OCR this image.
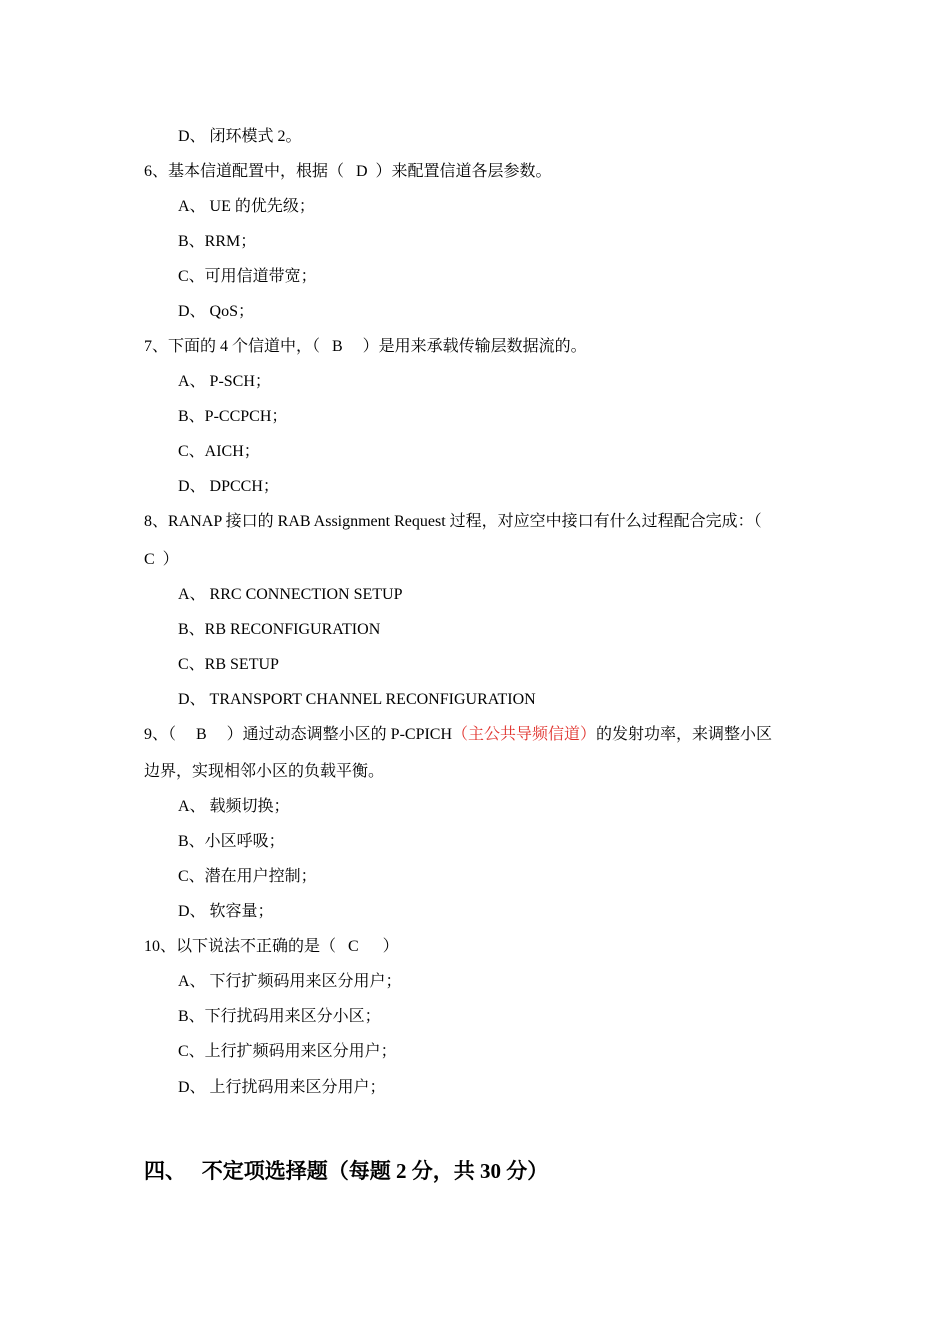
D、 闭环模式 2。
6、基本信道配置中，根据（   D  ）来配置信道各层参数。
A、 UE 的优先级；
B、RRM；
C、可用信道带宽；
D、 QoS；
7、下面的 4 个信道中，（   B     ）是用来承载传输层数据流的。
A、 P-SCH；
B、P-CCPCH；
C、AICH；
D、 DPCCH；
8、RANAP 接口的 RAB Assignment Request 过程，对应空中接口有什么过程配合完成：（
C  ）
A、 RRC CONNECTION SETUP
B、RB RECONFIGURATION
C、RB SETUP
D、 TRANSPORT CHANNEL RECONFIGURATION
9、（     B     ）通过动态调整小区的 P-CPICH（主公共导频信道）的发射功率，来调整小区
边界，实现相邻小区的负载平衡。
A、 载频切换；
B、小区呼吸；
C、潜在用户控制；
D、 软容量；
10、以下说法不正确的是（   C      ）
A、 下行扩频码用来区分用户；
B、下行扰码用来区分小区；
C、上行扩频码用来区分用户；
D、 上行扰码用来区分用户；
四、   不定项选择题（每题 2 分，共 30 分）
